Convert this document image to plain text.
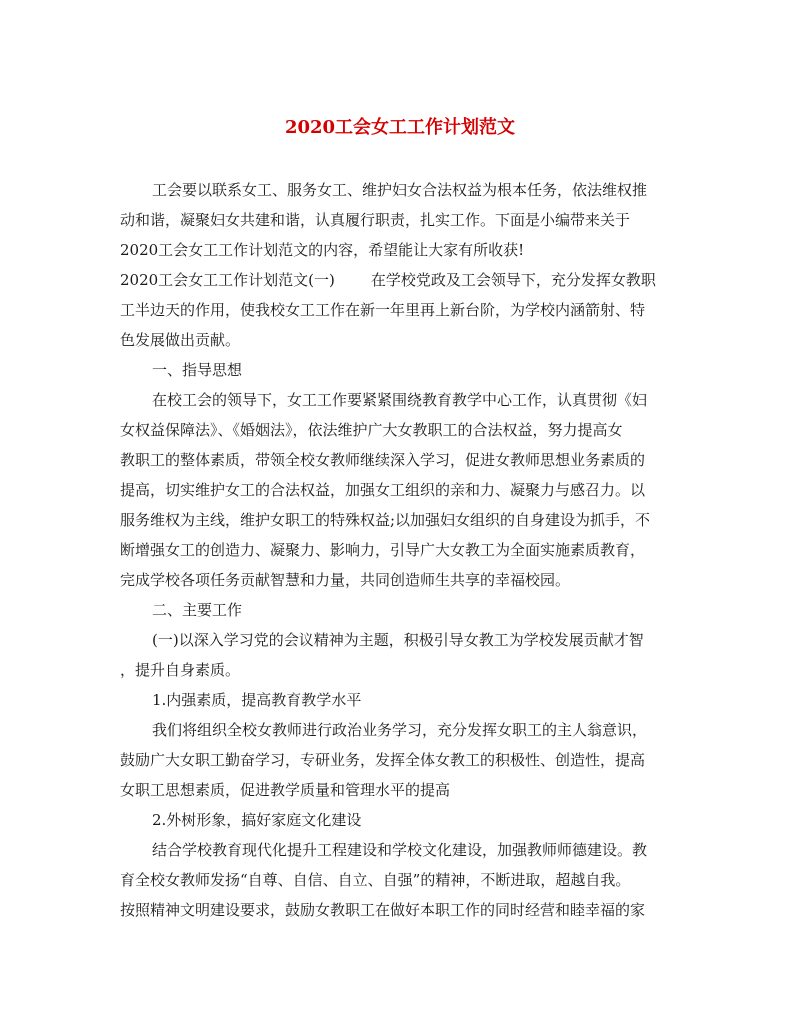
2020工会女工工作计划范文
工会要以联系女工、服务女工、维护妇女合法权益为根本任务，依法维权推
动和谐，凝聚妇女共建和谐，认真履行职责，扎实工作。下面是小编带来关于
2020工会女工工作计划范文的内容，希望能让大家有所收获!
2020工会女工工作计划范文(一) 在学校党政及工会领导下，充分发挥女教职
工半边天的作用，使我校女工工作在新一年里再上新台阶，为学校内涵箭射、特
色发展做出贡献。
一、指导思想
在校工会的领导下，女工工作要紧紧围绕教育教学中心工作，认真贯彻《妇
女权益保障法》、《婚姻法》，依法维护广大女教职工的合法权益，努力提高女
教职工的整体素质，带领全校女教师继续深入学习，促进女教师思想业务素质的
提高，切实维护女工的合法权益，加强女工组织的亲和力、凝聚力与感召力。以
服务维权为主线，维护女职工的特殊权益;以加强妇女组织的自身建设为抓手，不
断增强女工的创造力、凝聚力、影响力，引导广大女教工为全面实施素质教育，
完成学校各项任务贡献智慧和力量，共同创造师生共享的幸福校园。
二、主要工作
(一)以深入学习党的会议精神为主题，积极引导女教工为学校发展贡献才智
，提升自身素质。
1.内强素质，提高教育教学水平
我们将组织全校女教师进行政治业务学习，充分发挥女职工的主人翁意识，
鼓励广大女职工勤奋学习，专研业务，发挥全体女教工的积极性、创造性，提高
女职工思想素质，促进教学质量和管理水平的提高
2.外树形象，搞好家庭文化建设
结合学校教育现代化提升工程建设和学校文化建设，加强教师师德建设。教
育全校女教师发扬“自尊、自信、自立、自强”的精神，不断进取，超越自我。
按照精神文明建设要求，鼓励女教职工在做好本职工作的同时经营和睦幸福的家
